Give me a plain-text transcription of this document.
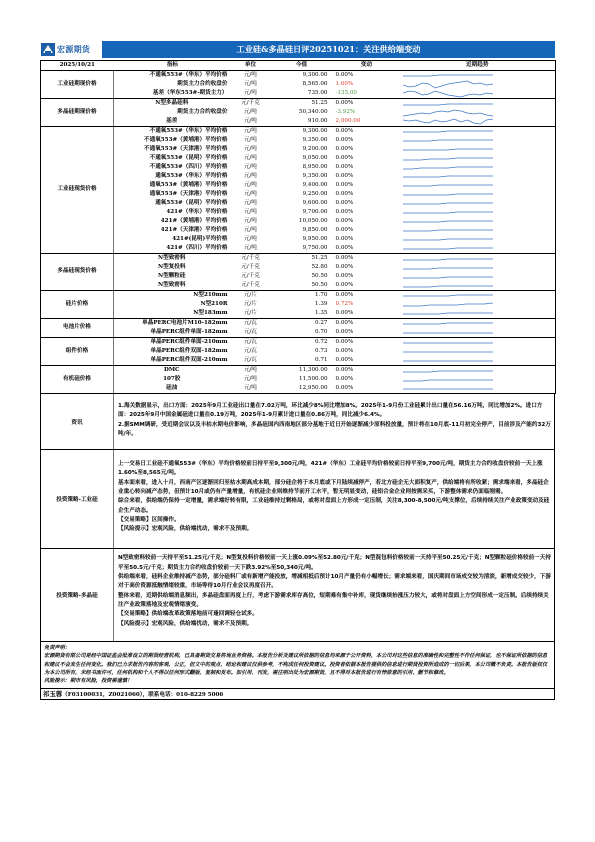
宏源期货	工业硅&多晶硅日评20251021：关注供给端变动
2025/10/21	指标	单位	今值	变动	近期趋势
工业硅期现价格	不通氧553#（华东）平均价格	元/吨	9,300.00	0.00%	

	期货主力合约收盘价	元/吨	8,565.00	1.60%	

	基差（华东553#-期货主力）	元/吨	735.00	-135.00	

多晶硅期现价格	N型多晶硅料	元/千克	51.25	0.00%	

	期货主力合约收盘价	元/吨	50,340.00	-3.92%	

	基差	元/吨	910.00	2,000.00	

工业硅现货价格	不通氧553#（华东）平均价格	元/吨	9,300.00	0.00%	

	不通氧553#（黄埔港）平均价格	元/吨	9,350.00	0.00%	

	不通氧553#（天津港）平均价格	元/吨	9,200.00	0.00%	

	不通氧553#（昆明）平均价格	元/吨	9,050.00	0.00%	

	不通氧553#（四川）平均价格	元/吨	8,950.00	0.00%	

	通氧553#（华东）平均价格	元/吨	9,350.00	0.00%	

	通氧553#（黄埔港）平均价格	元/吨	9,400.00	0.00%	

	通氧553#（天津港）平均价格	元/吨	9,250.00	0.00%	

	通氧553#（昆明）平均价格	元/吨	9,600.00	0.00%	

	421#（华东）平均价格	元/吨	9,700.00	0.00%	

	421#（黄埔港）平均价格	元/吨	10,050.00	0.00%	

	421#（天津港）平均价格	元/吨	9,850.00	0.00%	

	421#(昆明)平均价格	元/吨	9,950.00	0.00%	

	421#（四川）平均价格	元/吨	9,750.00	0.00%	

多晶硅现货价格	N型致密料	元/千克	51.25	0.00%	

	N型复投料	元/千克	52.80	0.00%	

	N型颗粒硅	元/千克	50.50	0.00%	

	N型致密料	元/千克	50.50	0.00%	

硅片价格	N型210mm	元/片	1.70	0.00%	

	N型210R	元/片	1.39	0.72%	

	N型183mm	元/片	1.35	0.00%	

电池片价格	单晶PERC电池片M10-182mm	元/瓦	0.27	0.00%	

	单晶PERC组件单面-182mm	元/瓦	0.70	0.00%	

组件价格	单晶PERC组件单面-210mm	元/瓦	0.72	0.00%	

	单晶PERC组件双面-182mm	元/瓦	0.73	0.00%	

	单晶PERC组件双面-210mm	元/瓦	0.71	0.00%	

有机硅价格	DMC	元/吨	11,300.00	0.00%	

	107胶	元/吨	11,500.00	0.00%	

	硅油	元/吨	12,950.00	0.00%	
资讯

1.海关数据显示，出口方面：2025年9月工业硅出口量在7.02万吨，环比减少8%同比增加8%。2025年1-9月份工业硅累计出口量在56.16万吨，同比增加2%。进口方面：2025年9月中国金属硅进口量在0.19万吨，2025年1-9月累计进口量在0.86万吨，同比减少6.4%。

2.据SMM调研，受近期会议以及丰枯水期电价影响，多晶硅国内西南地区部分基地于近日开始逐渐减少原料投放量，预计将在10月底-11月初完全停产，目前涉及产能约32万吨/年。

投资策略-工业硅

上一交易日工业硅不通氧553#（华东）平均价格较前日持平至9,300元/吨，421#（华东）工业硅平均价格较前日持平至9,700元/吨，期货主力合约收盘价较前一天上涨1.60%至8,565元/吨。

基本面来看，进入十月，西南产区逐渐回归至枯水期高成本期，部分硅企将于本月底或下月陆续减停产，若北方硅企无大面积复产，供给端将有所收紧；需求端来看，多晶硅企业重心转向减产态势，但预计10月或仍有产量增量，有机硅企业则维持节前开工水平，暂无明显变动，硅铝合金企业则按需采买，下游整体需求仍面临刚需。

综合来看，供给端仍保持一定增量，需求端好转有限，工业硅维持过剩格局，或将对盘面上方形成一定压制，关注8,300-8,500元/吨支撑位，后续持续关注产业政策变动及硅企生产动态。

【交易策略】区间操作。

【风险提示】宏观风险，供给端扰动，需求不及预期。

投资策略-多晶硅

N型致密料较前一天持平至51.25元/千克；N型复投料价格较前一天上涨0.09%至52.80元/千克；N型混包料价格较前一天持平至50.25元/千克；N型颗粒硅价格较前一天持平至50.5元/千克；期货主力合约收盘价较前一天下跌3.92%至50,340元/吨。

供给端来看，硅料企业维持减产态势，部分硅料厂或有新增产能投放，增减相抵后预计10月产量仍有小幅增长；需求端来看，国庆期间市场成交较为清淡，新增成交较少，下游对于高价资源抵触情绪较重，市场等待10月行业会议再度召开。

整体来看，近期供给端消息频出，多晶硅盘面再度上行，考虑下游需求库存高位，短期难有集中补库，现货继续抬涨压力较大，或将对盘面上方空间形成一定压制。后续持续关注产业政策落地及宏观情绪演变。

【交易策略】供给端改革政策落地前可逢回调轻仓试多。

【风险提示】宏观风险，供给端扰动，需求不及预期。

免责声明：
宏源期货有限公司是经中国证监会批准设立的期货经营机构，已具备期货交易咨询业务资格。本报告分析及建议所依据的信息均来源于公开资料，本公司对这些信息的准确性和完整性不作任何保证，也不保证所依据的信息和建议不会发生任何变化。我们已力求报告内容的客观、公正，但文中的观点、结论和建议仅供参考，不构成任何投资建议。投资者依据本报告提供的信息进行期货投资所造成的一切后果，本公司概不负责。本报告版权仅为本公司所有，未经书面许可，任何机构和个人不得以任何形式翻版、复制和发布。如引用、刊发，需注明出处为宏源期货，且不得对本报告进行有悖原意的引用、删节和修改。
风险提示：期市有风险，投资需谨慎！
祁玉蓉（F03100031，Z0021060），联系电话：010-8229 5006
